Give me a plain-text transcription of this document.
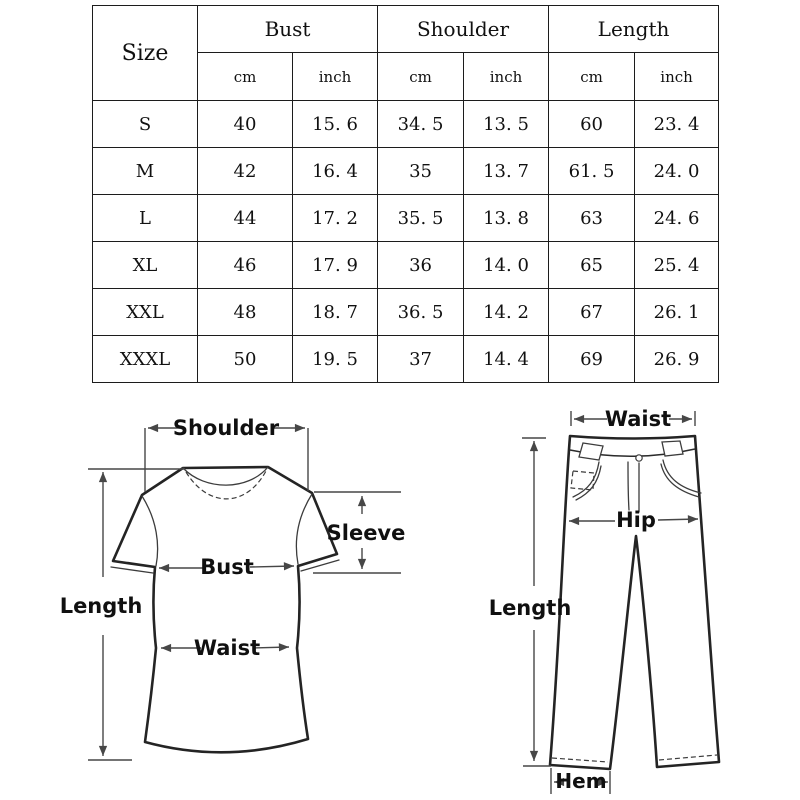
Size	Bust		Shoulder		Length	
	cm	inch	cm	inch	cm	inch
S	40	15. 6	34. 5	13. 5	60	23. 4
M	42	16. 4	35	13. 7	61. 5	24. 0
L	44	17. 2	35. 5	13. 8	63	24. 6
XL	46	17. 9	36	14. 0	65	25. 4
XXL	48	18. 7	36. 5	14. 2	67	26. 1
XXXL	50	19. 5	37	14. 4	69	26. 9
Shoulder
Length
Bust
Waist
Sleeve
Waist
Hip
Length
Hem
